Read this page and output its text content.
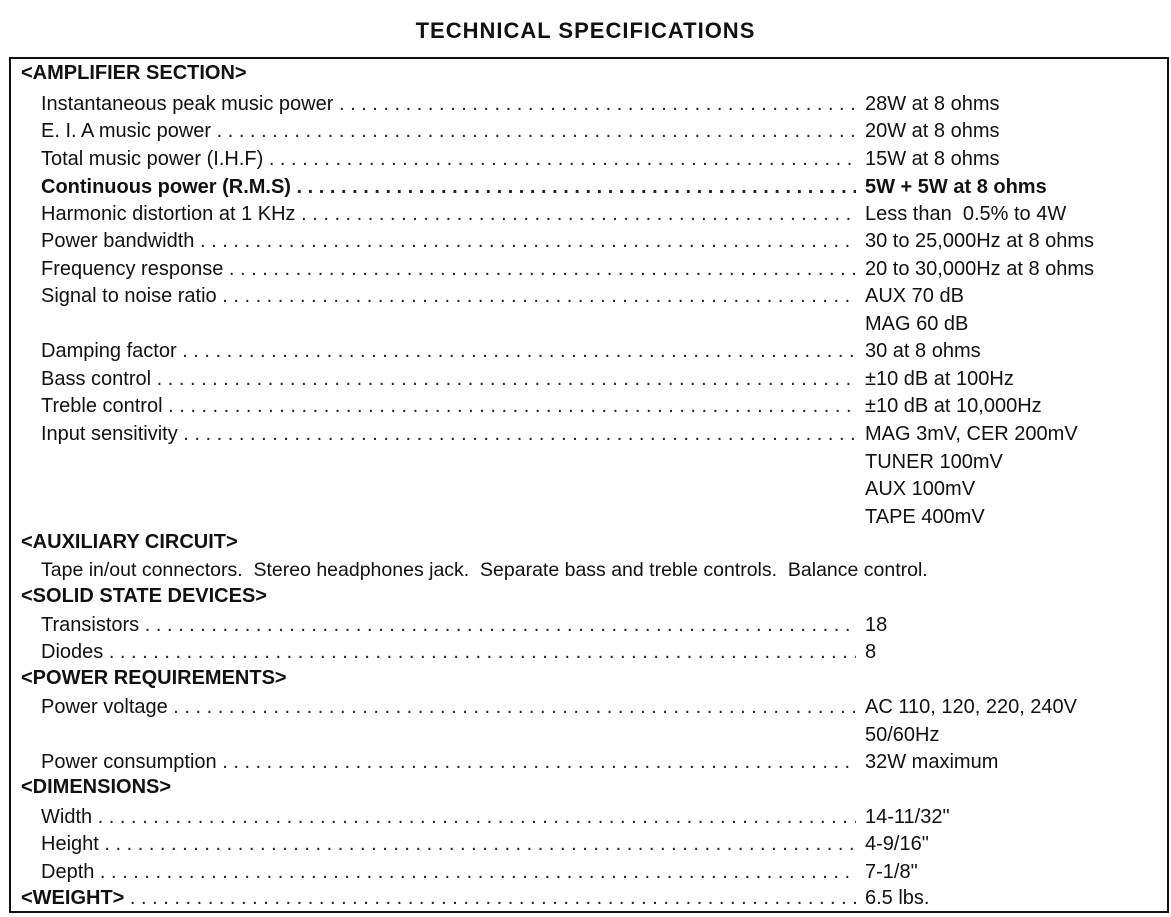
TECHNICAL SPECIFICATIONS
<AMPLIFIER SECTION>
Instantaneous peak music power . . .	28W at 8 ohms
E. I. A music power . . .	20W at 8 ohms
Total music power (I.H.F) . . .	15W at 8 ohms
Continuous power (R.M.S) . . .	5W + 5W at 8 ohms
Harmonic distortion at 1 KHz . . .	Less than  0.5% to 4W
Power bandwidth . . .	30 to 25,000Hz at 8 ohms
Frequency response . . .	20 to 30,000Hz at 8 ohms
Signal to noise ratio . . .	AUX 70 dB
MAG 60 dB
Damping factor . . .	30 at 8 ohms
Bass control . . .	±10 dB at 100Hz
Treble control . . .	±10 dB at 10,000Hz
Input sensitivity . . .	MAG 3mV, CER 200mV
TUNER 100mV
AUX 100mV
TAPE 400mV
<AUXILIARY CIRCUIT>
Tape in/out connectors.  Stereo headphones jack.  Separate bass and treble controls.  Balance control.
<SOLID STATE DEVICES>
Transistors . . .	18
Diodes . . .	8
<POWER REQUIREMENTS>
Power voltage . . .	AC 110, 120, 220, 240V
50/60Hz
Power consumption . . .	32W maximum
<DIMENSIONS>
Width . . .	14-11/32"
Height . . .	4-9/16"
Depth . . .	7-1/8"
<WEIGHT> . . .	6.5 lbs.
